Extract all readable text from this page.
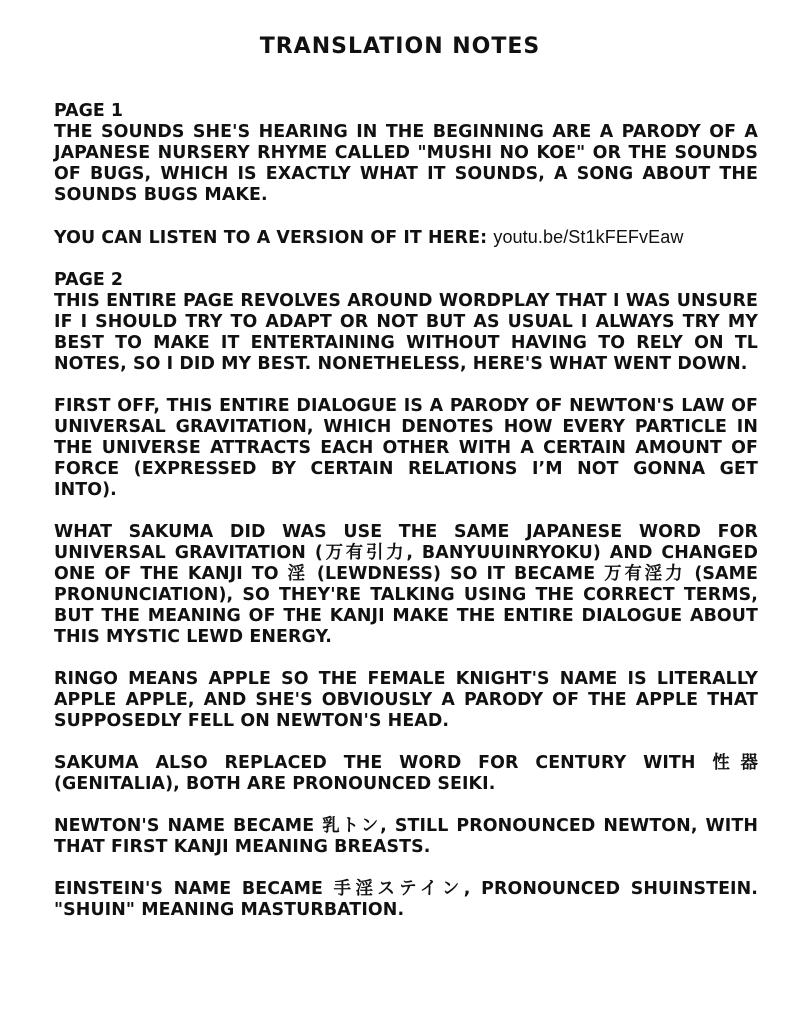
TRANSLATION NOTES

PAGE 1

THE SOUNDS SHE'S HEARING IN THE BEGINNING ARE A PARODY OF A JAPANESE NURSERY RHYME CALLED "MUSHI NO KOE" OR THE SOUNDS OF BUGS, WHICH IS EXACTLY WHAT IT SOUNDS, A SONG ABOUT THE SOUNDS BUGS MAKE.

YOU CAN LISTEN TO A VERSION OF IT HERE: youtu.be/St1kFEFvEaw

PAGE 2

THIS ENTIRE PAGE REVOLVES AROUND WORDPLAY THAT I WAS UNSURE IF I SHOULD TRY TO ADAPT OR NOT BUT AS USUAL I ALWAYS TRY MY BEST TO MAKE IT ENTERTAINING WITHOUT HAVING TO RELY ON TL NOTES, SO I DID MY BEST. NONETHELESS, HERE'S WHAT WENT DOWN.

FIRST OFF, THIS ENTIRE DIALOGUE IS A PARODY OF NEWTON'S LAW OF UNIVERSAL GRAVITATION, WHICH DENOTES HOW EVERY PARTICLE IN THE UNIVERSE ATTRACTS EACH OTHER WITH A CERTAIN AMOUNT OF FORCE (EXPRESSED BY CERTAIN RELATIONS I’M NOT GONNA GET INTO).

WHAT SAKUMA DID WAS USE THE SAME JAPANESE WORD FOR UNIVERSAL GRAVITATION (万有引力, BANYUUINRYOKU) AND CHANGED ONE OF THE KANJI TO 淫 (LEWDNESS) SO IT BECAME 万有淫力 (SAME PRONUNCIATION), SO THEY'RE TALKING USING THE CORRECT TERMS, BUT THE MEANING OF THE KANJI MAKE THE ENTIRE DIALOGUE ABOUT THIS MYSTIC LEWD ENERGY.

RINGO MEANS APPLE SO THE FEMALE KNIGHT'S NAME IS LITERALLY APPLE APPLE, AND SHE'S OBVIOUSLY A PARODY OF THE APPLE THAT SUPPOSEDLY FELL ON NEWTON'S HEAD.

SAKUMA ALSO REPLACED THE WORD FOR CENTURY WITH 性器 (GENITALIA), BOTH ARE PRONOUNCED SEIKI.

NEWTON'S NAME BECAME 乳トン, STILL PRONOUNCED NEWTON, WITH THAT FIRST KANJI MEANING BREASTS.

EINSTEIN'S NAME BECAME 手淫ステイン, PRONOUNCED SHUINSTEIN. "SHUIN" MEANING MASTURBATION.
